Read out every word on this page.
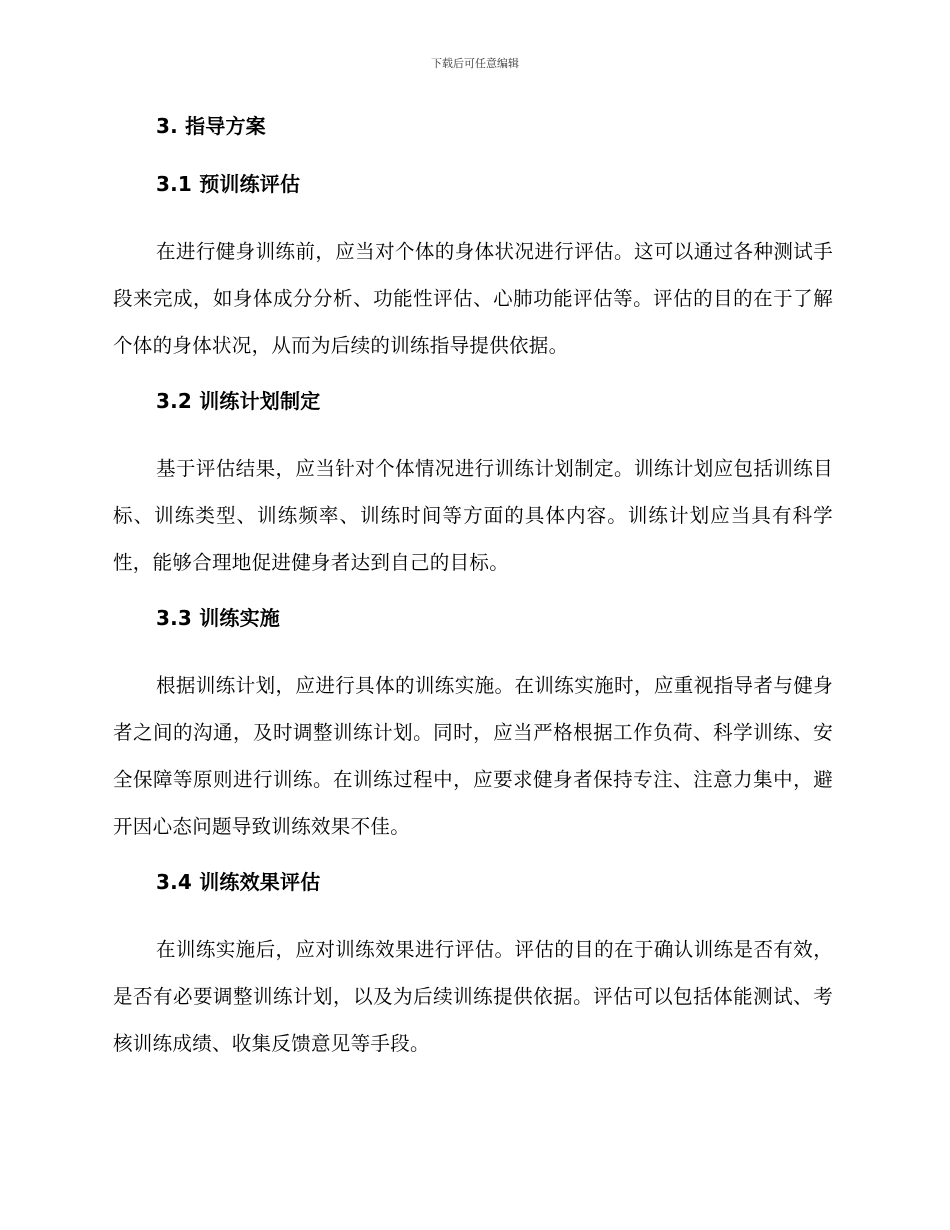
下载后可任意编辑
3. 指导方案
3.1 预训练评估

在进行健身训练前，应当对个体的身体状况进行评估。这可以通过各种测试手段来完成，如身体成分分析、功能性评估、心肺功能评估等。评估的目的在于了解个体的身体状况，从而为后续的训练指导提供依据。

3.2 训练计划制定

基于评估结果，应当针对个体情况进行训练计划制定。训练计划应包括训练目标、训练类型、训练频率、训练时间等方面的具体内容。训练计划应当具有科学性，能够合理地促进健身者达到自己的目标。

3.3 训练实施

根据训练计划，应进行具体的训练实施。在训练实施时，应重视指导者与健身者之间的沟通，及时调整训练计划。同时，应当严格根据工作负荷、科学训练、安全保障等原则进行训练。在训练过程中，应要求健身者保持专注、注意力集中，避开因心态问题导致训练效果不佳。

3.4 训练效果评估

在训练实施后，应对训练效果进行评估。评估的目的在于确认训练是否有效，是否有必要调整训练计划，以及为后续训练提供依据。评估可以包括体能测试、考核训练成绩、收集反馈意见等手段。
